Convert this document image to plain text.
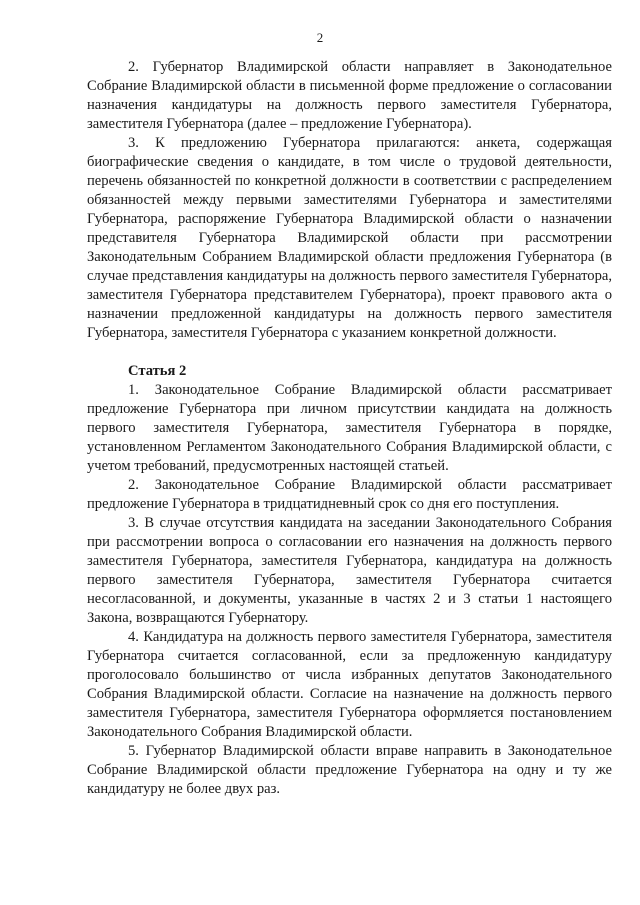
2

2. Губернатор Владимирской области направляет в Законодательное Собрание Владимирской области в письменной форме предложение о согласовании назначения кандидатуры на должность первого заместителя Губернатора, заместителя Губернатора (далее – предложение Губернатора).

3. К предложению Губернатора прилагаются: анкета, содержащая биографические сведения о кандидате, в том числе о трудовой деятельности, перечень обязанностей по конкретной должности в соответствии с распределением обязанностей между первыми заместителями Губернатора и заместителями Губернатора, распоряжение Губернатора Владимирской области о назначении представителя Губернатора Владимирской области при рассмотрении Законодательным Собранием Владимирской области предложения Губернатора (в случае представления кандидатуры на должность первого заместителя Губернатора, заместителя Губернатора представителем Губернатора), проект правового акта о назначении предложенной кандидатуры на должность первого заместителя Губернатора, заместителя Губернатора с указанием конкретной должности.

Статья 2

1. Законодательное Собрание Владимирской области рассматривает предложение Губернатора при личном присутствии кандидата на должность первого заместителя Губернатора, заместителя Губернатора в порядке, установленном Регламентом Законодательного Собрания Владимирской области, с учетом требований, предусмотренных настоящей статьей.

2. Законодательное Собрание Владимирской области рассматривает предложение Губернатора в тридцатидневный срок со дня его поступления.

3. В случае отсутствия кандидата на заседании Законодательного Собрания при рассмотрении вопроса о согласовании его назначения на должность первого заместителя Губернатора, заместителя Губернатора, кандидатура на должность первого заместителя Губернатора, заместителя Губернатора считается несогласованной, и документы, указанные в частях 2 и 3 статьи 1 настоящего Закона, возвращаются Губернатору.

4. Кандидатура на должность первого заместителя Губернатора, заместителя Губернатора считается согласованной, если за предложенную кандидатуру проголосовало большинство от числа избранных депутатов Законодательного Собрания Владимирской области. Согласие на назначение на должность первого заместителя Губернатора, заместителя Губернатора оформляется постановлением Законодательного Собрания Владимирской области.

5. Губернатор Владимирской области вправе направить в Законодательное Собрание Владимирской области предложение Губернатора на одну и ту же кандидатуру не более двух раз.
